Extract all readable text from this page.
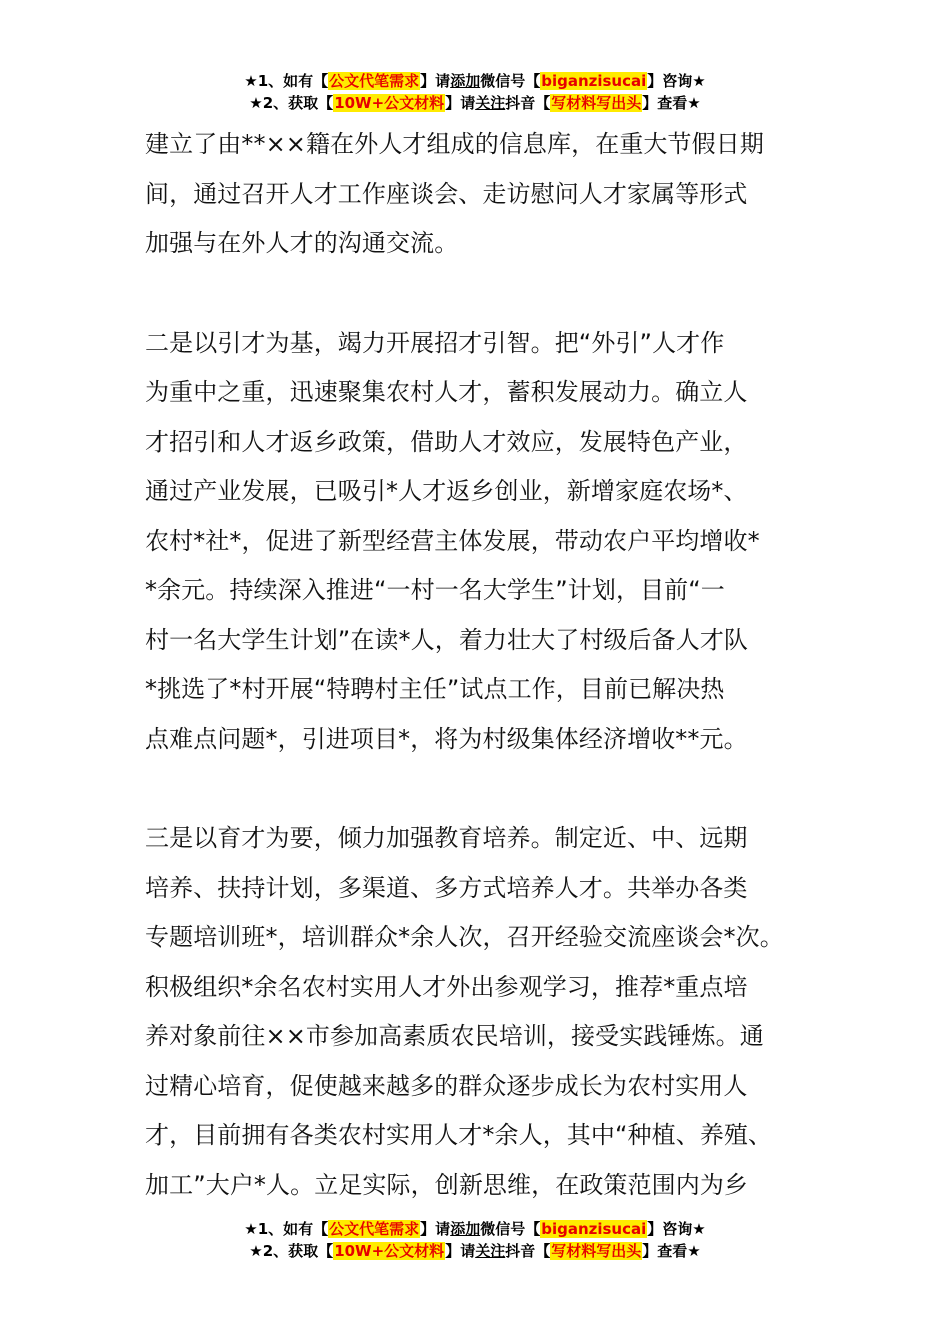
★1、如有【公文代笔需求】请添加微信号【biganzisucai】咨询★
★2、获取【10W+公文材料】请关注抖音【写材料写出头】查看★

建立了由**××籍在外人才组成的信息库，在重大节假日期
间，通过召开人才工作座谈会、走访慰问人才家属等形式
加强与在外人才的沟通交流。

二是以引才为基，竭力开展招才引智。把“外引”人才作
为重中之重，迅速聚集农村人才，蓄积发展动力。确立人
才招引和人才返乡政策，借助人才效应，发展特色产业，
通过产业发展，已吸引*人才返乡创业，新增家庭农场*、
农村*社*，促进了新型经营主体发展，带动农户平均增收*
*余元。持续深入推进“一村一名大学生”计划，目前“一
村一名大学生计划”在读*人，着力壮大了村级后备人才队
*挑选了*村开展“特聘村主任”试点工作，目前已解决热
点难点问题*，引进项目*，将为村级集体经济增收**元。

三是以育才为要，倾力加强教育培养。制定近、中、远期
培养、扶持计划，多渠道、多方式培养人才。共举办各类
专题培训班*，培训群众*余人次，召开经验交流座谈会*次。
积极组织*余名农村实用人才外出参观学习，推荐*重点培
养对象前往××市参加高素质农民培训，接受实践锤炼。通
过精心培育，促使越来越多的群众逐步成长为农村实用人
才，目前拥有各类农村实用人才*余人，其中“种植、养殖、
加工”大户*人。立足实际，创新思维，在政策范围内为乡

★1、如有【公文代笔需求】请添加微信号【biganzisucai】咨询★
★2、获取【10W+公文材料】请关注抖音【写材料写出头】查看★
